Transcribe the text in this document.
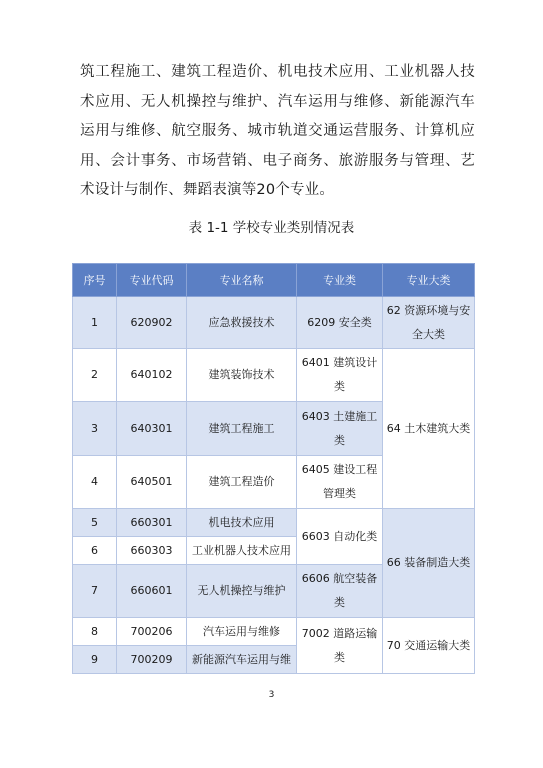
筑工程施工、建筑工程造价、机电技术应用、工业机器人技术应用、无人机操控与维护、汽车运用与维修、新能源汽车运用与维修、航空服务、城市轨道交通运营服务、计算机应用、会计事务、市场营销、电子商务、旅游服务与管理、艺术设计与制作、舞蹈表演等20个专业。
表 1-1 学校专业类别情况表
序号	专业代码	专业名称	专业类	专业大类
1	620902	应急救援技术	6209 安全类	62 资源环境与安全大类
2	640102	建筑装饰技术	6401 建筑设计类	64 土木建筑大类
3	640301	建筑工程施工	6403 土建施工类	
4	640501	建筑工程造价	6405 建设工程管理类	
5	660301	机电技术应用	6603 自动化类	66 装备制造大类
6	660303	工业机器人技术应用		
7	660601	无人机操控与维护	6606 航空装备类	
8	700206	汽车运用与维修	7002 道路运输类	70 交通运输大类
9	700209	新能源汽车运用与维		
3
